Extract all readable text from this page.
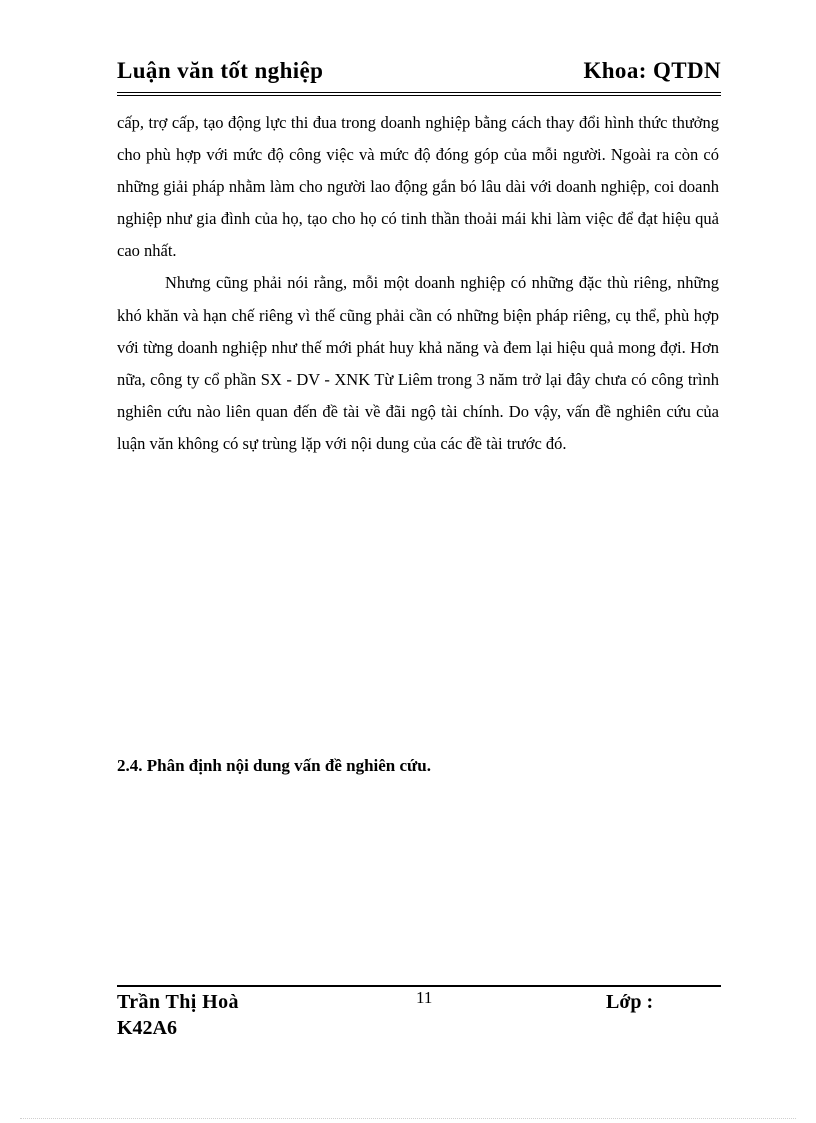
Luận văn tốt nghiệp	Khoa: QTDN

cấp, trợ cấp, tạo động lực thi đua trong doanh nghiệp bằng cách thay đổi hình thức thưởng cho phù hợp với mức độ công việc và mức độ đóng góp của mỗi người. Ngoài ra còn có những giải pháp nhằm làm cho người lao động gắn bó lâu dài với doanh nghiệp, coi doanh nghiệp như gia đình của họ, tạo cho họ có tinh thần thoải mái khi làm việc để đạt hiệu quả cao nhất.

Nhưng cũng phải nói rằng, mỗi một doanh nghiệp có những đặc thù riêng, những khó khăn và hạn chế riêng vì thế cũng phải cần có những biện pháp riêng, cụ thể, phù hợp với từng doanh nghiệp như thế mới phát huy khả năng và đem lại hiệu quả mong đợi. Hơn nữa, công ty cổ phần SX - DV - XNK Từ Liêm trong 3 năm trở lại đây chưa có công trình nghiên cứu nào liên quan đến đề tài về đãi ngộ tài chính. Do vậy, vấn đề nghiên cứu của luận văn không có sự trùng lặp với nội dung của các đề tài trước đó.

2.4. Phân định nội dung vấn đề nghiên cứu.
Trần Thị Hoà	11	Lớp :
K42A6
